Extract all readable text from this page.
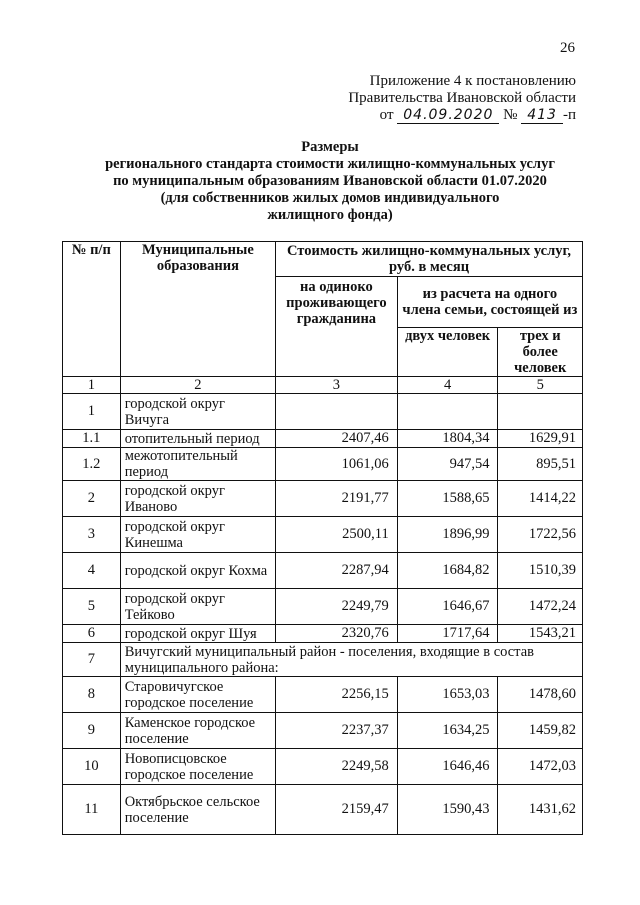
26
Приложение 4 к постановлению
Правительства Ивановской области
от 04.09.2020 № 413 -п
Размеры
регионального стандарта стоимости жилищно-коммунальных услуг
по муниципальным образованиям Ивановской области 01.07.2020
(для собственников жилых домов индивидуального
жилищного фонда)
№ п/п	Муниципальные образования	Стоимость жилищно-коммунальных услуг, руб. в месяц		
		на одиноко проживающего гражданина	из расчета на одного члена семьи, состоящей из	
			двух человек	трех и более человек
1	2	3	4	5
1	городской округ Вичуга			
1.1	отопительный период	2407,46	1804,34	1629,91
1.2	межотопительный период	1061,06	947,54	895,51
2	городской округ Иваново	2191,77	1588,65	1414,22
3	городской округ Кинешма	2500,11	1896,99	1722,56
4	городской округ Кохма	2287,94	1684,82	1510,39
5	городской округ Тейково	2249,79	1646,67	1472,24
6	городской округ Шуя	2320,76	1717,64	1543,21
7	Вичугский муниципальный район - поселения, входящие в состав муниципального района:			
8	Старовичугское городское поселение	2256,15	1653,03	1478,60
9	Каменское городское поселение	2237,37	1634,25	1459,82
10	Новописцовское городское поселение	2249,58	1646,46	1472,03
11	Октябрьское сельское поселение	2159,47	1590,43	1431,62
